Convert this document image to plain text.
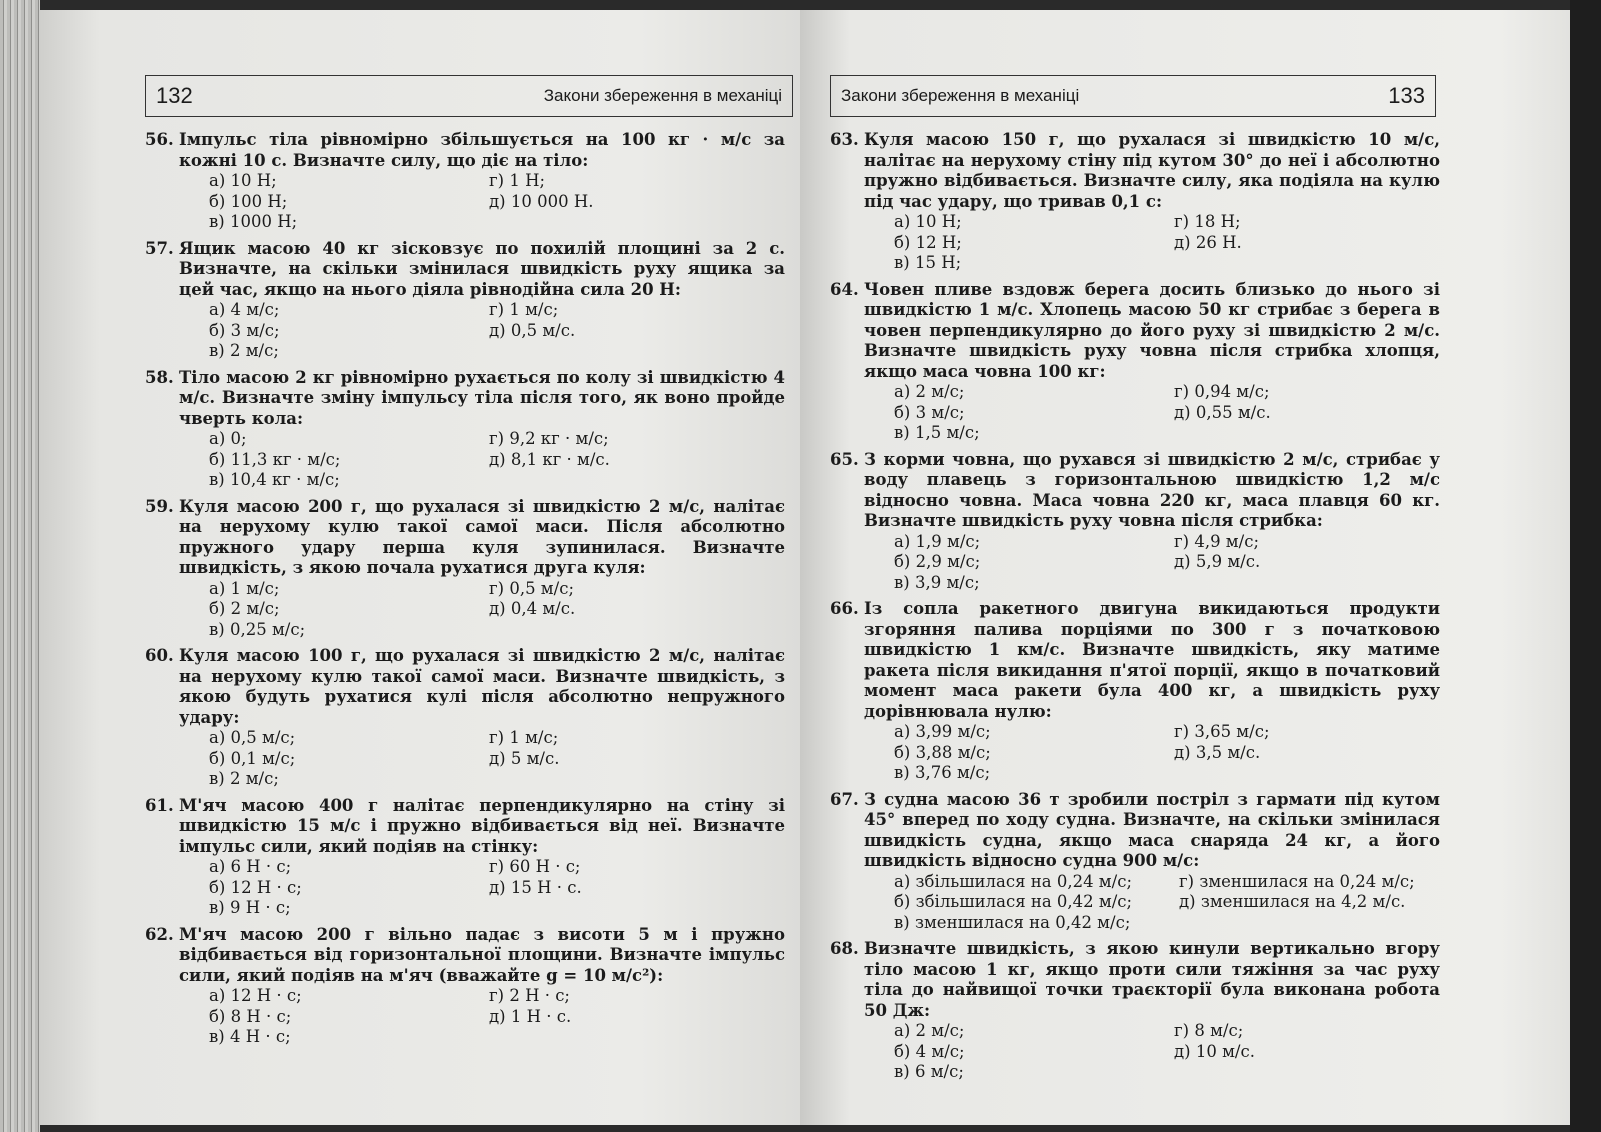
132	Закони збереження в механіці
56. Імпульс тіла рівномірно збільшується на 100 кг · м/с за кожні 10 с. Визначте силу, що діє на тіло:
а) 10 Н;	г) 1 Н;
б) 100 Н;	д) 10 000 Н.
в) 1000 Н;
57. Ящик масою 40 кг зісковзує по похилій площині за 2 с. Визначте, на скільки змінилася швидкість руху ящика за цей час, якщо на нього діяла рівнодійна сила 20 Н:
а) 4 м/с;	г) 1 м/с;
б) 3 м/с;	д) 0,5 м/с.
в) 2 м/с;
58. Тіло масою 2 кг рівномірно рухається по колу зі швидкістю 4 м/с. Визначте зміну імпульсу тіла після того, як воно пройде чверть кола:
а) 0;	г) 9,2 кг · м/с;
б) 11,3 кг · м/с;	д) 8,1 кг · м/с.
в) 10,4 кг · м/с;
59. Куля масою 200 г, що рухалася зі швидкістю 2 м/с, налітає на нерухому кулю такої самої маси. Після абсолютно пружного удару перша куля зупинилася. Визначте швидкість, з якою почала рухатися друга куля:
а) 1 м/с;	г) 0,5 м/с;
б) 2 м/с;	д) 0,4 м/с.
в) 0,25 м/с;
60. Куля масою 100 г, що рухалася зі швидкістю 2 м/с, налітає на нерухому кулю такої самої маси. Визначте швидкість, з якою будуть рухатися кулі після абсолютно непружного удару:
а) 0,5 м/с;	г) 1 м/с;
б) 0,1 м/с;	д) 5 м/с.
в) 2 м/с;
61. М'яч масою 400 г налітає перпендикулярно на стіну зі швидкістю 15 м/с і пружно відбивається від неї. Визначте імпульс сили, який подіяв на стінку:
а) 6 Н · с;	г) 60 Н · с;
б) 12 Н · с;	д) 15 Н · с.
в) 9 Н · с;
62. М'яч масою 200 г вільно падає з висоти 5 м і пружно відбивається від горизонтальної площини. Визначте імпульс сили, який подіяв на м'яч (вважайте g = 10 м/с²):
а) 12 Н · с;	г) 2 Н · с;
б) 8 Н · с;	д) 1 Н · с.
в) 4 Н · с;
Закони збереження в механіці	133
63. Куля масою 150 г, що рухалася зі швидкістю 10 м/с, налітає на нерухому стіну під кутом 30° до неї і абсолютно пружно відбивається. Визначте силу, яка подіяла на кулю під час удару, що тривав 0,1 с:
а) 10 Н;	г) 18 Н;
б) 12 Н;	д) 26 Н.
в) 15 Н;
64. Човен пливе вздовж берега досить близько до нього зі швидкістю 1 м/с. Хлопець масою 50 кг стрибає з берега в човен перпендикулярно до його руху зі швидкістю 2 м/с. Визначте швидкість руху човна після стрибка хлопця, якщо маса човна 100 кг:
а) 2 м/с;	г) 0,94 м/с;
б) 3 м/с;	д) 0,55 м/с.
в) 1,5 м/с;
65. З корми човна, що рухався зі швидкістю 2 м/с, стрибає у воду плавець з горизонтальною швидкістю 1,2 м/с відносно човна. Маса човна 220 кг, маса плавця 60 кг. Визначте швидкість руху човна після стрибка:
а) 1,9 м/с;	г) 4,9 м/с;
б) 2,9 м/с;	д) 5,9 м/с.
в) 3,9 м/с;
66. Із сопла ракетного двигуна викидаються продукти згоряння палива порціями по 300 г з початковою швидкістю 1 км/с. Визначте швидкість, яку матиме ракета після викидання п'ятої порції, якщо в початковий момент маса ракети була 400 кг, а швидкість руху дорівнювала нулю:
а) 3,99 м/с;	г) 3,65 м/с;
б) 3,88 м/с;	д) 3,5 м/с.
в) 3,76 м/с;
67. З судна масою 36 т зробили постріл з гармати під кутом 45° вперед по ходу судна. Визначте, на скільки змінилася швидкість судна, якщо маса снаряда 24 кг, а його швидкість відносно судна 900 м/с:
а) збільшилася на 0,24 м/с;	г) зменшилася на 0,24 м/с;
б) збільшилася на 0,42 м/с;	д) зменшилася на 4,2 м/с.
в) зменшилася на 0,42 м/с;
68. Визначте швидкість, з якою кинули вертикально вгору тіло масою 1 кг, якщо проти сили тяжіння за час руху тіла до найвищої точки траєкторії була виконана робота 50 Дж:
а) 2 м/с;	г) 8 м/с;
б) 4 м/с;	д) 10 м/с.
в) 6 м/с;
